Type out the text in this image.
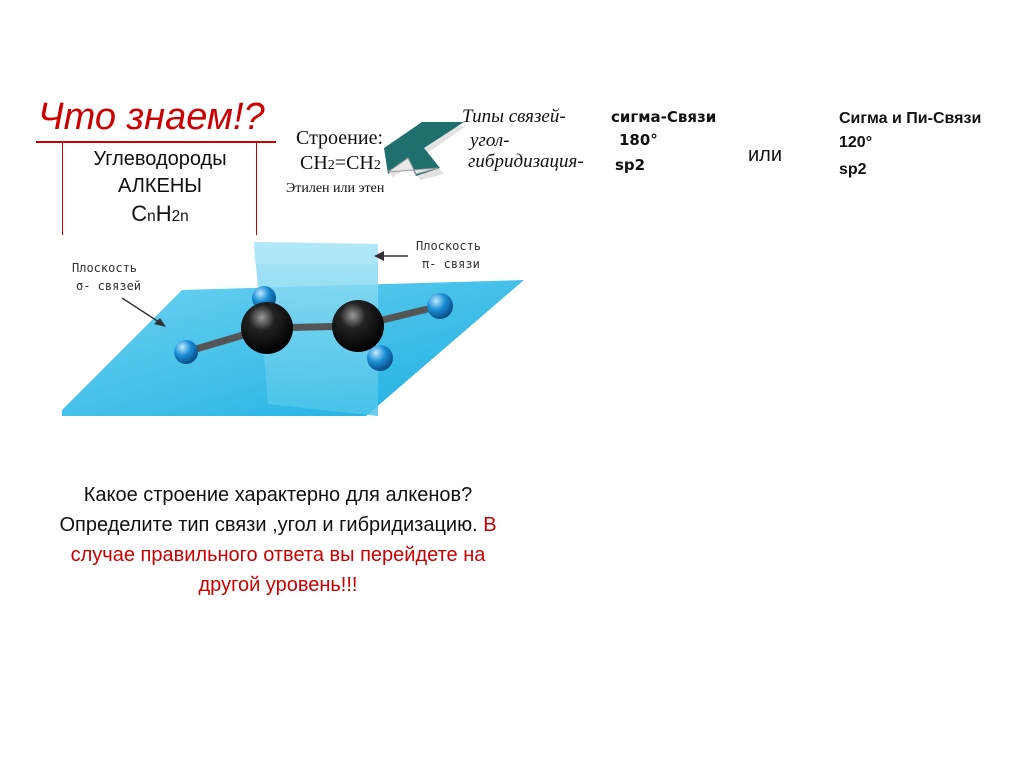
Что знаем!?
Углеводороды
АЛКЕНЫ
CnH2n
Строение:
CH2=CH2
Этилен или этен
Типы связей-
угол-
гибридизация-
сигма-Связи
180°
sp2	или
Сигма и Пи-Связи
120°
sp2
Плоскость
σ- связей
Плоскость
π- связи
Какое строение характерно для алкенов?Определите тип связи ,угол и гибридизацию. В случае правильного ответа вы перейдете на другой уровень!!!
